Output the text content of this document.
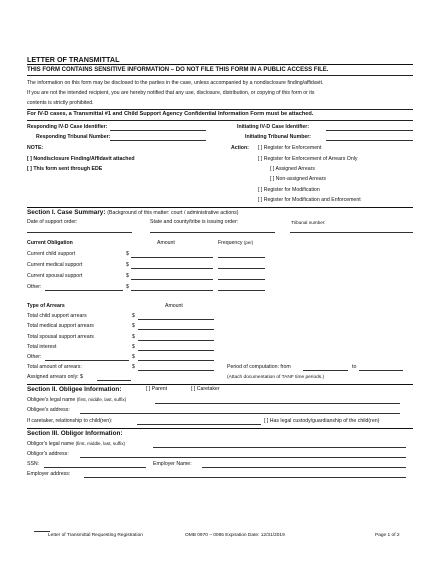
LETTER OF TRANSMITTAL
THIS FORM CONTAINS SENSITIVE INFORMATION – DO NOT FILE THIS FORM IN A PUBLIC ACCESS FILE.
The information on this form may be disclosed to the parties in the case, unless accompanied by a nondisclosure finding/affidavit.
If you are not the intended recipient, you are hereby notified that any use, disclosure, distribution, or copying of this form or its
contents is strictly prohibited.
For IV-D cases, a Transmittal #1 and Child Support Agency Confidential Information Form must be attached.
Responding IV-D Case Identifier:	Initiating IV-D Case Identifier:
Responding Tribunal Number:	Initiating Tribunal Number:
NOTE:
[ ] Nondisclosure Finding/Affidavit attached
[ ] This form sent through EDE
Action: [ ] Register for Enforcement
[ ] Register for Enforcement of Arrears Only
[ ] Assigned Arrears
[ ] Non-assigned Arrears
[ ] Register for Modification
[ ] Register for Modification and Enforcement
Section I. Case Summary: (Background of this matter: court / administrative actions)
Date of support order:	State and county/tribe is issuing order:	Tribunal number:
Current Obligation	Amount	Frequency (per)
Current child support	$
Current medical support	$
Current spousal support	$
Other:	$
Type of Arrears	Amount
Total child support arrears	$
Total medical support arrears	$
Total spousal support arrears	$
Total interest	$
Other:	$
Total amount of arrears:	$
Assigned arrears only: $
Period of computation: from	to
(Attach documentation of TANF time periods.)
Section II. Obligee Information:	[ ] Parent	[ ] Caretaker
Obligee's legal name (first, middle, last, suffix)
Obligee's address:
If caretaker, relationship to child(ren):	[ ] Has legal custody/guardianship of the child(ren)
Section III. Obligor Information:
Obligor's legal name (first, middle, last, suffix)
Obligor's address:
SSN:	Employer Name:
Employer address:
Letter of Transmittal Requesting Registration	OMB 0970 – 0085 Expiration Date: 12/31/2019	Page 1 of 2
